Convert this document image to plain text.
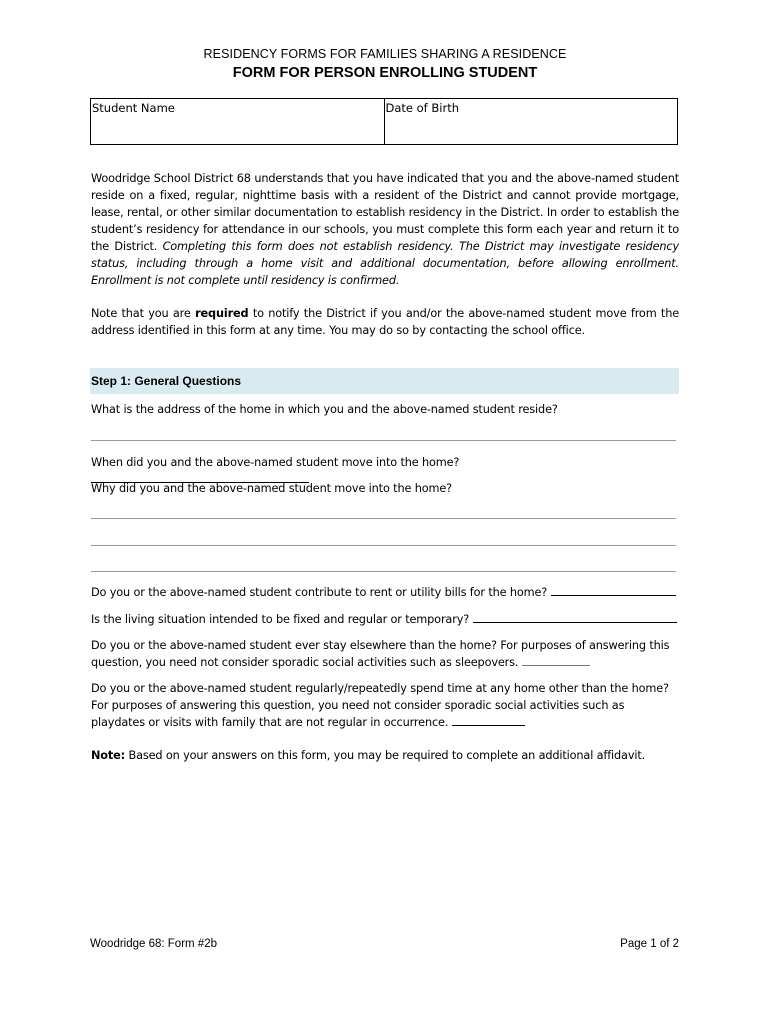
RESIDENCY FORMS FOR FAMILIES SHARING A RESIDENCE
FORM FOR PERSON ENROLLING STUDENT
Student Name	Date of Birth
Woodridge School District 68 understands that you have indicated that you and the above-named student reside on a fixed, regular, nighttime basis with a resident of the District and cannot provide mortgage, lease, rental, or other similar documentation to establish residency in the District. In order to establish the student’s residency for attendance in our schools, you must complete this form each year and return it to the District. Completing this form does not establish residency. The District may investigate residency status, including through a home visit and additional documentation, before allowing enrollment. Enrollment is not complete until residency is confirmed.
Note that you are required to notify the District if you and/or the above-named student move from the address identified in this form at any time. You may do so by contacting the school office.
Step 1: General Questions
What is the address of the home in which you and the above-named student reside?
When did you and the above-named student move into the home?
Why did you and the above-named student move into the home?
Do you or the above-named student contribute to rent or utility bills for the home?
Is the living situation intended to be fixed and regular or temporary?
Do you or the above-named student ever stay elsewhere than the home? For purposes of answering this question, you need not consider sporadic social activities such as sleepovers.
Do you or the above-named student regularly/repeatedly spend time at any home other than the home? For purposes of answering this question, you need not consider sporadic social activities such as playdates or visits with family that are not regular in occurrence.
Note: Based on your answers on this form, you may be required to complete an additional affidavit.
Woodridge 68: Form #2b	Page 1 of 2
